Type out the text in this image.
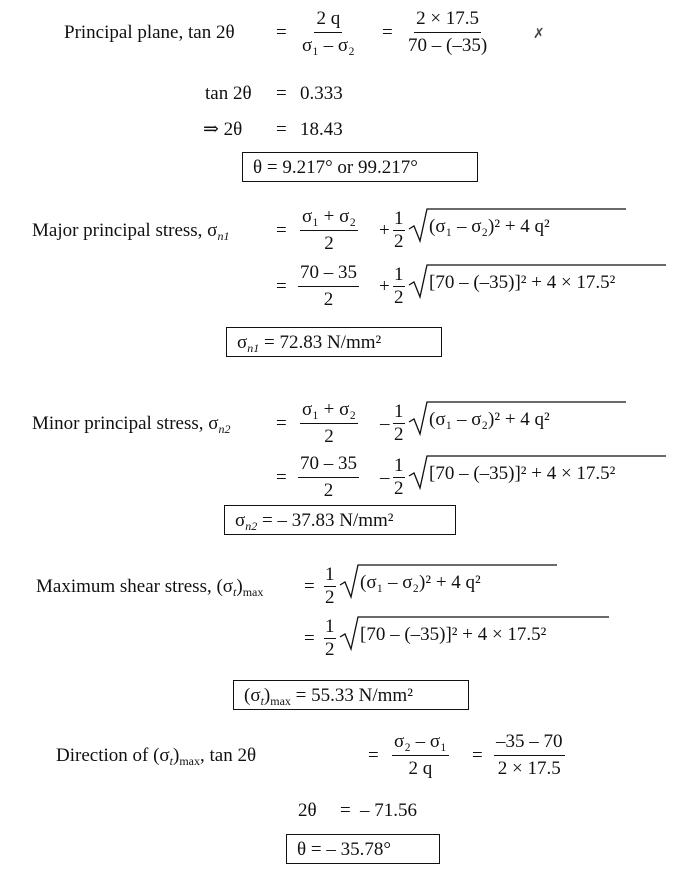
Principal plane, $\tan 2\theta = \frac{2 q}{\text{σ₁ – σ₂}} = \frac{2 \times 17.5}{70 - (-35)}$	✗
tan 2θ = 0.333
⇒ 2θ = 18.43
θ = 9.217° or 99.217°
Major principal stress, $\sigma_{n1} = \frac{\text{σ₁ + σ₂}}{2} + \frac{1}{2} (\sigma_1 - \sigma_2)^2 + 4$ q²
= $\frac{70 - 35}{2} + \frac{1}{2} [70 - (-35)]^2 + 4 \times 17.5^2$
$\sigma_{n1} = 72.83$ N/mm²
Minor principal stress, $\sigma_{n2} = \frac{\text{σ₁ + σ₂}}{2} - \frac{1}{2} (\sigma_1 - \sigma_2)^2 + 4$ q²
= $\frac{70 - 35}{2} - \frac{1}{2} [70 - (-35)]^2 + 4 \times 17.5^2$
$\sigma_{n2}$ = – 37.83 N/mm²
Maximum shear stress, $(\sigma_t)_{max} = \frac{1}{2} (\sigma_1 - \sigma_2)^2 + 4$ q²
= $\frac{1}{2} [70 - (-35)]^2 + 4 \times 17.5^2$
$(\sigma_t)_{max} = 55.33$ N/mm²
Direction of $(\sigma_t)_{max}$, tan 2θ	= $\frac{\text{σ₂ – σ₁}}{2 q} = \frac{-35 - 70}{2 \times 17.5}$
2θ = – 71.56
θ = – 35.78°
